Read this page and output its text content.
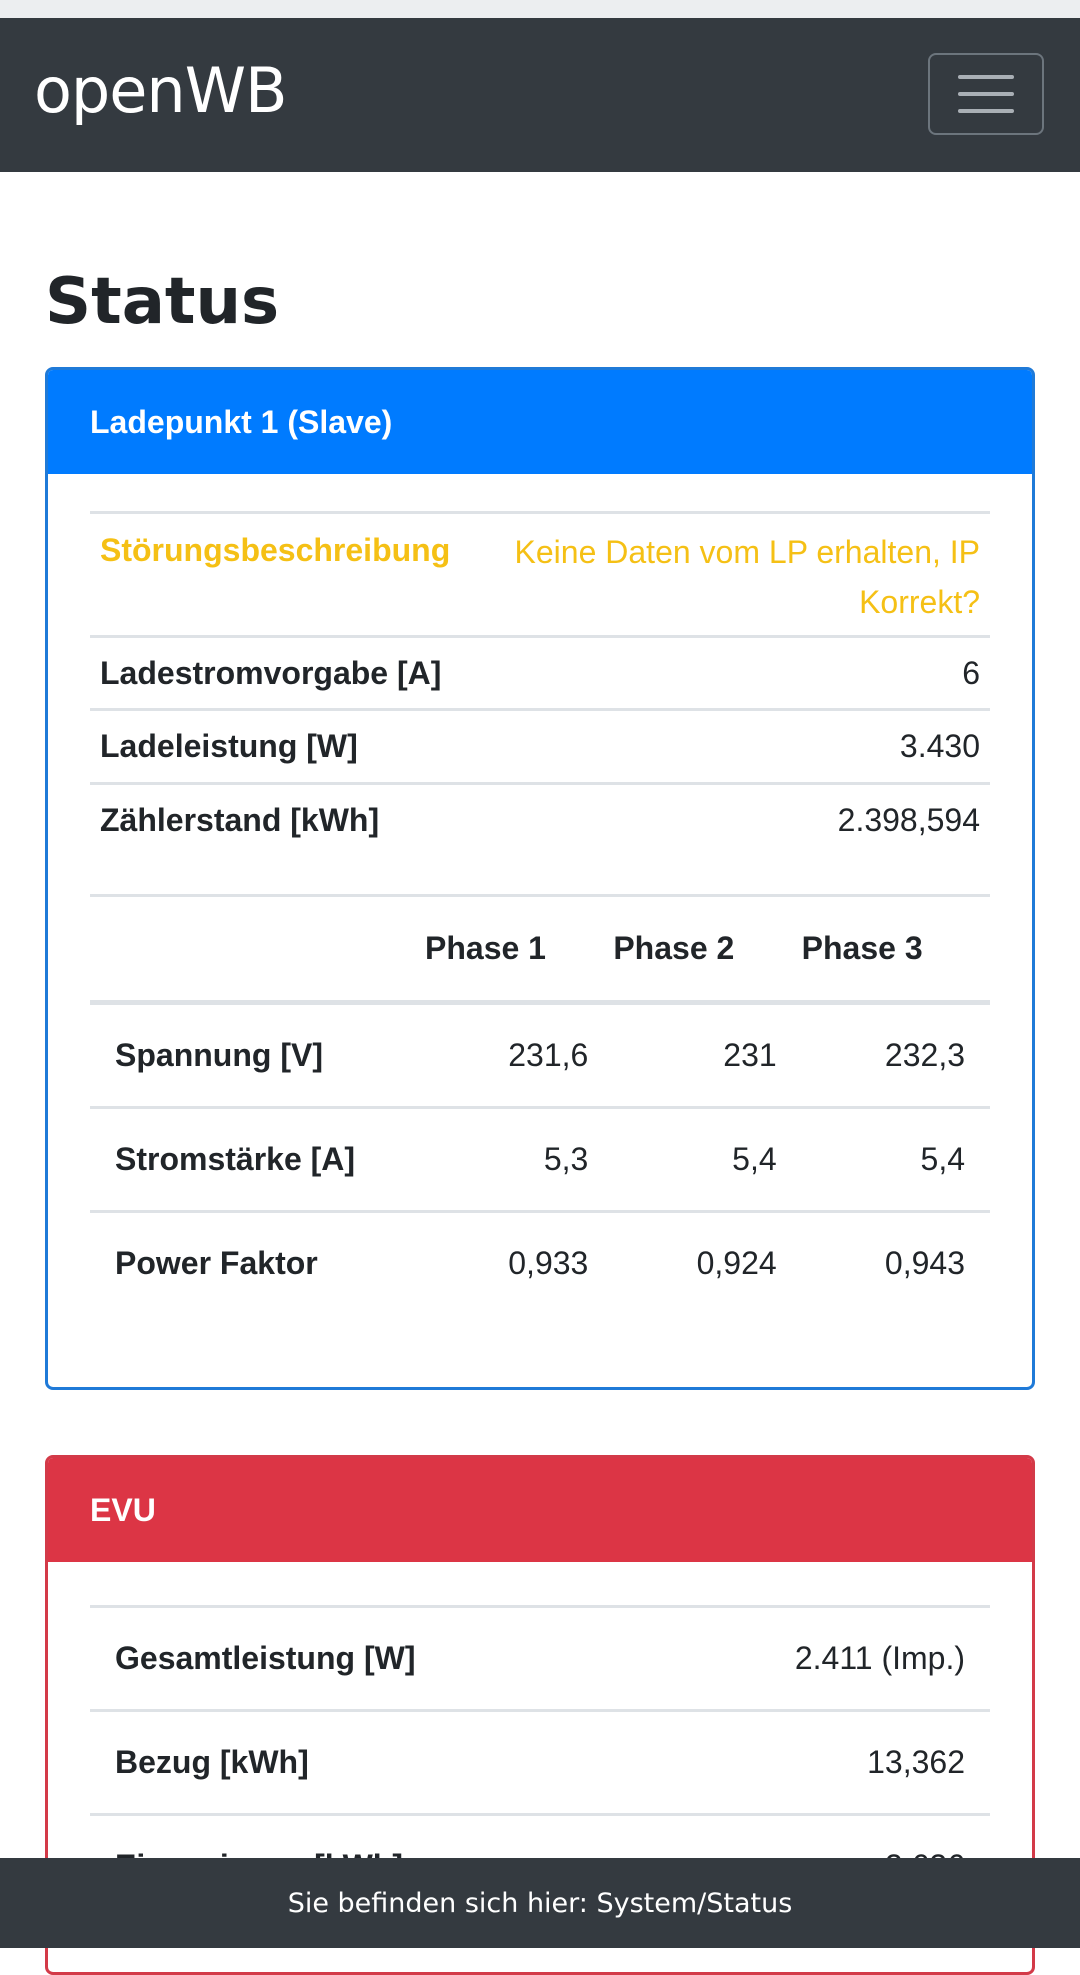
openWB
Status
Ladepunkt 1 (Slave)
Störungsbeschreibung	Keine Daten vom LP erhalten, IP Korrekt?
Ladestromvorgabe [A]	6
Ladeleistung [W]	3.430
Zählerstand [kWh]	2.398,594
	Phase 1	Phase 2	Phase 3
Spannung [V]	231,6	231	232,3
Stromstärke [A]	5,3	5,4	5,4
Power Faktor	0,933	0,924	0,943
EVU
Gesamtleistung [W]	2.411 (Imp.)
Bezug [kWh]	13,362
Sie befinden sich hier: System/Status
